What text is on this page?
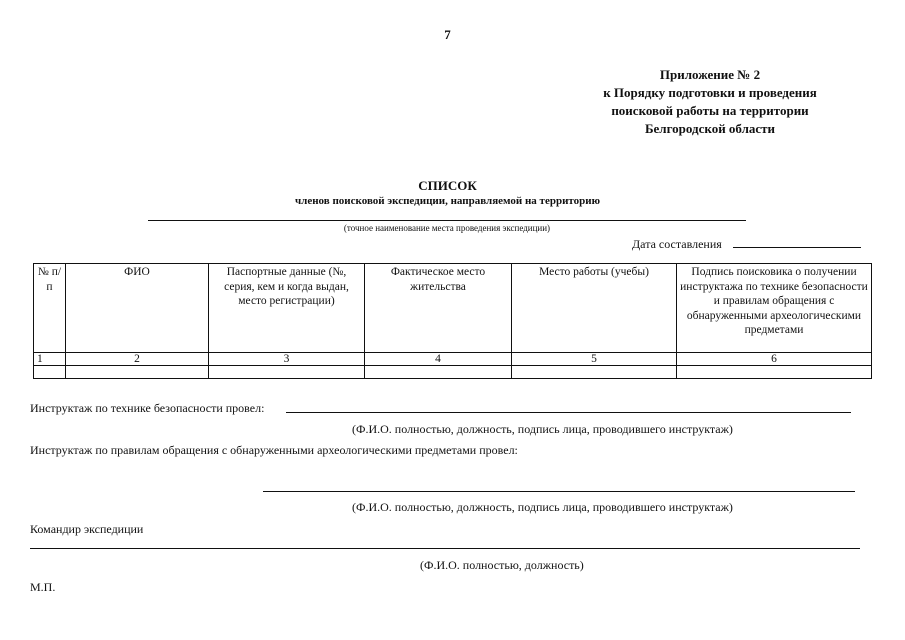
7
Приложение № 2
к Порядку подготовки и проведения
поисковой работы на территории
Белгородской области
СПИСОК
членов поисковой экспедиции, направляемой на территорию
(точное наименование места проведения экспедиции)
Дата составления
№ п/п	ФИО	Паспортные данные (№, серия, кем и когда выдан, место регистрации)	Фактическое место жительства	Место работы (учебы)	Подпись поисковика о получении инструктажа по технике безопасности и правилам обращения с обнаруженными археологическими предметами
1	2	3	4	5	6

Инструктаж по технике безопасности провел:
(Ф.И.О. полностью, должность, подпись лица, проводившего инструктаж)
Инструктаж по правилам обращения с обнаруженными археологическими предметами провел:
(Ф.И.О. полностью, должность, подпись лица, проводившего инструктаж)
Командир экспедиции
(Ф.И.О. полностью, должность)
М.П.
